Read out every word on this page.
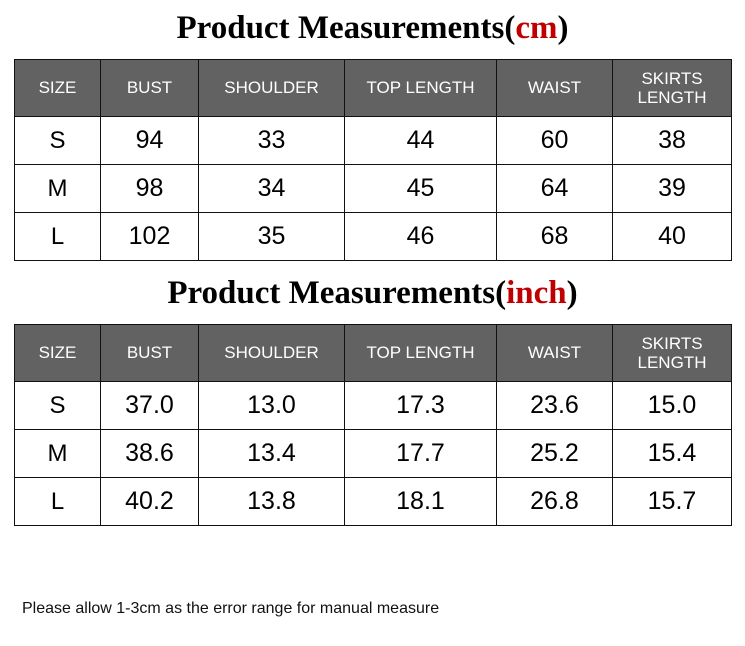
Product Measurements(cm)
SIZE	BUST	SHOULDER	TOP LENGTH	WAIST	SKIRTS LENGTH
S	94	33	44	60	38
M	98	34	45	64	39
L	102	35	46	68	40
Product Measurements(inch)
SIZE	BUST	SHOULDER	TOP LENGTH	WAIST	SKIRTS LENGTH
S	37.0	13.0	17.3	23.6	15.0
M	38.6	13.4	17.7	25.2	15.4
L	40.2	13.8	18.1	26.8	15.7
Please allow 1-3cm as the error range for manual measure
